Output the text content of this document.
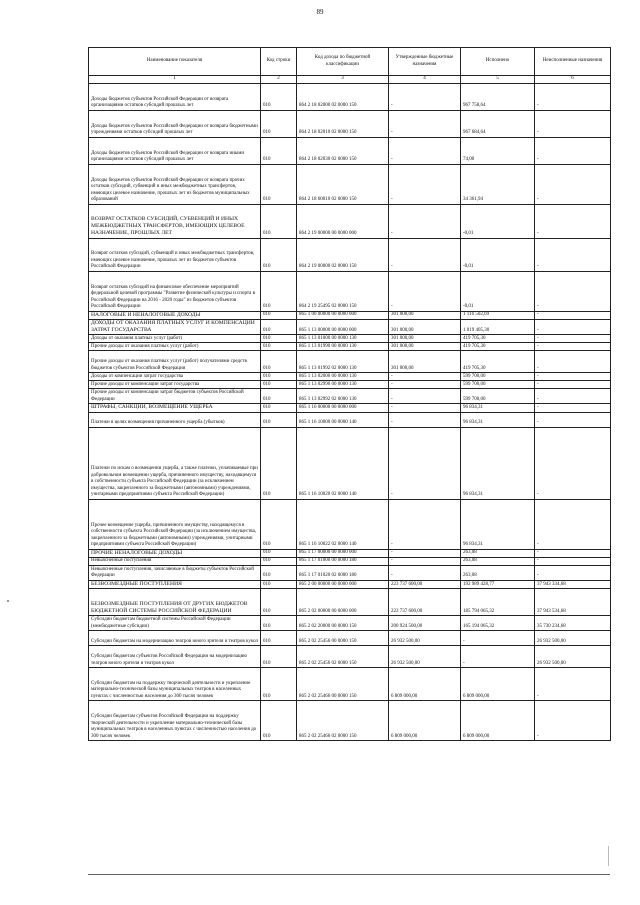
89
Наименование показателя	Код строки	Код дохода по бюджетной классификации	Утвержденные бюджетные назначения	Исполнено	Неисполненные назначения
1	2	3	4	5	6
Доходы бюджетов субъектов Российской Федерации от возврата организациями остатков субсидий прошлых лет	010	864 2 18 02000 02 0000 150	-	967 758,64	-
Доходы бюджетов субъектов Российской Федерации от возврата бюджетными учреждениями остатков субсидий прошлых лет	010	864 2 18 02010 02 0000 150	-	967 684,64	-
Доходы бюджетов субъектов Российской Федерации от возврата иными организациями остатков субсидий прошлых лет	010	864 2 18 02030 02 0000 150	-	74,00	-
Доходы бюджетов субъектов Российской Федерации от возврата прочих остатков субсидий, субвенций и иных межбюджетных трансфертов, имеющих целевое назначение, прошлых лет из бюджетов муниципальных образований	010	864 2 18 60010 02 0000 150	-	34 361,94	-
ВОЗВРАТ ОСТАТКОВ СУБСИДИЙ, СУБВЕНЦИЙ И ИНЫХ МЕЖБЮДЖЕТНЫХ ТРАНСФЕРТОВ, ИМЕЮЩИХ ЦЕЛЕВОЕ НАЗНАЧЕНИЕ, ПРОШЛЫХ ЛЕТ	010	864 2 19 00000 00 0000 000	-	-0,01	-
Возврат остатков субсидий, субвенций и иных межбюджетных трансфертов, имеющих целевое назначение, прошлых лет из бюджетов субъектов Российской Федерации	010	864 2 19 00000 02 0000 150	-	-0,01	-
Возврат остатков субсидий на финансовое обеспечение мероприятий федеральной целевой программы "Развитие физической культуры и спорта в Российской Федерации на 2016 - 2020 годы" из бюджетов субъектов Российской Федерации	010	864 2 19 25495 02 0000 150	-	-0,01	-
НАЛОГОВЫЕ И НЕНАЛОГОВЫЕ ДОХОДЫ	010	865 1 00 00000 00 0000 000	301 000,00	1 116 502,69	-
ДОХОДЫ ОТ ОКАЗАНИЯ ПЛАТНЫХ УСЛУГ И КОМПЕНСАЦИИ ЗАТРАТ ГОСУДАРСТВА	010	865 1 13 00000 00 0000 000	301 000,00	1 019 405,30	-
Доходы от оказания платных услуг (работ)	010	865 1 13 01000 00 0000 130	301 000,00	419 705,30	-
Прочие доходы от оказания платных услуг (работ)	010	865 1 13 01990 00 0000 130	301 000,00	419 705,30	-
Прочие доходы от оказания платных услуг (работ) получателями средств бюджетов субъектов Российской Федерации	010	865 1 13 01992 02 0000 130	301 000,00	419 705,30	-
Доходы от компенсации затрат государства	010	865 1 13 02000 00 0000 130	-	599 700,00	-
Прочие доходы от компенсации затрат государства	010	865 1 13 02990 00 0000 130	-	599 700,00	-
Прочие доходы от компенсации затрат бюджетов субъектов Российской Федерации	010	865 1 13 02992 02 0000 130	-	599 700,00	-
ШТРАФЫ, САНКЦИИ, ВОЗМЕЩЕНИЕ УЩЕРБА	010	865 1 16 00000 00 0000 000	-	96 834,31	-
Платежи в целях возмещения причиненного ущерба (убытков)	010	865 1 16 10000 00 0000 140	-	96 834,31	-
Платежи по искам о возмещении ущерба, а также платежи, уплачиваемые при добровольном возмещении ущерба, причиненного имуществу, находящемуся в собственности субъекта Российской Федерации (за исключением имущества, закрепленного за бюджетными (автономными) учреждениями, унитарными предприятиями субъекта Российской Федерации)	010	865 1 16 10020 02 0000 140	-	96 834,31	-
Прочее возмещение ущерба, причиненного имуществу, находящемуся в собственности субъекта Российской Федерации (за исключением имущества, закрепленного за бюджетными (автономными) учреждениями, унитарными предприятиями субъекта Российской Федерации)	010	865 1 16 10022 02 0000 140	-	96 834,31	-
ПРОЧИЕ НЕНАЛОГОВЫЕ ДОХОДЫ	010	865 1 17 00000 00 0000 000	-	263,08	-
Невыясненные поступления	010	865 1 17 01000 00 0000 180	-	263,08	-
Невыясненные поступления, зачисляемые в бюджеты субъектов Российской Федерации	010	865 1 17 01020 02 0000 180	-	263,08	-
БЕЗВОЗМЕЗДНЫЕ ПОСТУПЛЕНИЯ	010	865 2 00 00000 00 0000 000	223 737 600,00	192 989 428,77	37 943 334,68
БЕЗВОЗМЕЗДНЫЕ ПОСТУПЛЕНИЯ ОТ ДРУГИХ БЮДЖЕТОВ БЮДЖЕТНОЙ СИСТЕМЫ РОССИЙСКОЙ ФЕДЕРАЦИИ	010	865 2 02 00000 00 0000 000	223 737 600,00	185 794 065,32	37 943 534,68
Субсидии бюджетам бюджетной системы Российской Федерации (межбюджетные субсидии)	010	865 2 02 20000 00 0000 150	200 924 500,00	165 194 065,32	35 730 234,68
Субсидии бюджетам на модернизацию театров юного зрителя и театров кукол	010	865 2 02 25456 00 0000 150	26 932 500,00	-	26 932 500,00
Субсидии бюджетам субъектов Российской Федерации на модернизацию театров юного зрителя и театров кукол	010	865 2 02 25456 02 0000 150	26 932 500,00	-	26 932 500,00
Субсидии бюджетам на поддержку творческой деятельности и укрепление материально-технической базы муниципальных театров в населенных пунктах с численностью населения до 300 тысяч человек	010	865 2 02 25466 00 0000 150	6 809 000,00	6 809 000,00	-
Субсидии бюджетам субъектов Российской Федерации на поддержку творческой деятельности и укрепление материально-технической базы муниципальных театров в населенных пунктах с численностью населения до 300 тысяч человек	010	865 2 02 25466 02 0000 150	6 809 000,00	6 809 000,00	-
